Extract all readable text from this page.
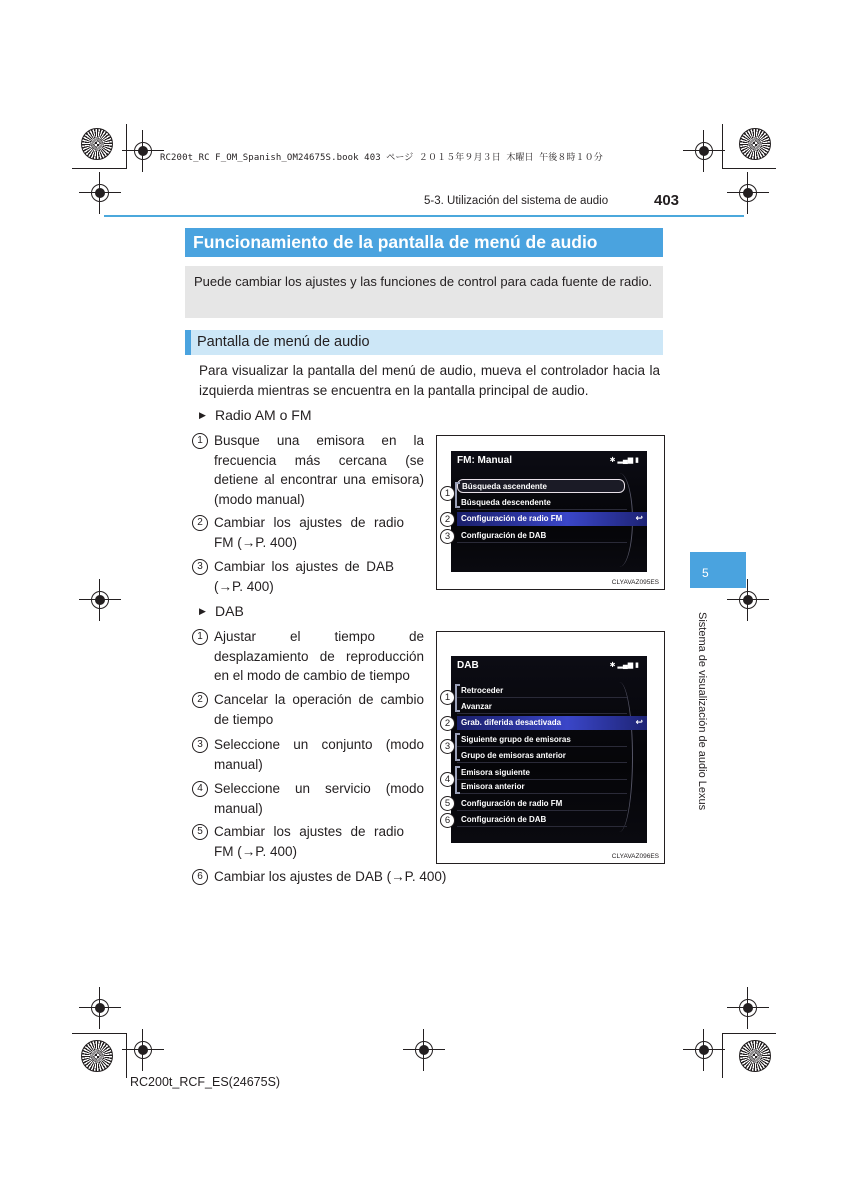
RC200t_RC F_OM_Spanish_OM24675S.book 403 ページ ２０１５年９月３日 木曜日 午後８時１０分
5-3. Utilización del sistema de audio	403
Funcionamiento de la pantalla de menú de audio
Puede cambiar los ajustes y las funciones de control para cada fuente de radio.
Pantalla de menú de audio
Para visualizar la pantalla del menú de audio, mueva el controlador hacia la izquierda mientras se encuentra en la pantalla principal de audio.
▶ Radio AM o FM
1 Busque una emisora en la frecuencia más cercana (se detiene al encontrar una emisora) (modo manual)
2 Cambiar los ajustes de radio FM (→P. 400)
3 Cambiar los ajustes de DAB (→P. 400)
FM: Manual	✱ ▂▄▆ ▮
Búsqueda ascendente
Búsqueda descendente
Configuración de radio FM	↩
Configuración de DAB
1
2
3
CLYAVAZ095ES
▶ DAB
1 Ajustar el tiempo de desplazamiento de reproducción en el modo de cambio de tiempo
2 Cancelar la operación de cambio de tiempo
3 Seleccione un conjunto (modo manual)
4 Seleccione un servicio (modo manual)
5 Cambiar los ajustes de radio FM (→P. 400)
6 Cambiar los ajustes de DAB (→P. 400)
DAB	✱ ▂▄▆ ▮
Retroceder
Avanzar
Grab. diferida desactivada	↩
Siguiente grupo de emisoras
Grupo de emisoras anterior
Emisora siguiente
Emisora anterior
Configuración de radio FM
Configuración de DAB
1
2
3
4
5
6
CLYAVAZ096ES
5
Sistema de visualización de audio Lexus
RC200t_RCF_ES(24675S)
